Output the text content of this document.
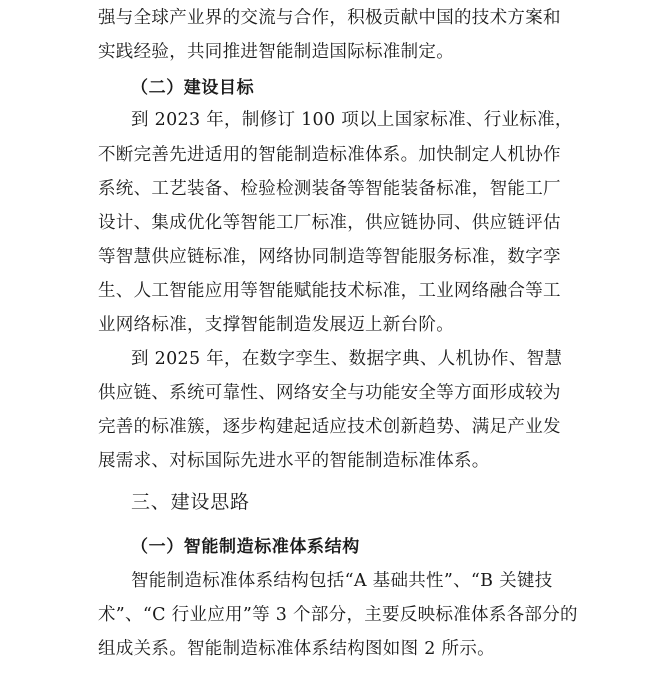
强与全球产业界的交流与合作，积极贡献中国的技术方案和
实践经验，共同推进智能制造国际标准制定。
（二）建设目标
到 2023 年，制修订 100 项以上国家标准、行业标准，
不断完善先进适用的智能制造标准体系。加快制定人机协作
系统、工艺装备、检验检测装备等智能装备标准，智能工厂
设计、集成优化等智能工厂标准，供应链协同、供应链评估
等智慧供应链标准，网络协同制造等智能服务标准，数字孪
生、人工智能应用等智能赋能技术标准，工业网络融合等工
业网络标准，支撑智能制造发展迈上新台阶。
到 2025 年，在数字孪生、数据字典、人机协作、智慧
供应链、系统可靠性、网络安全与功能安全等方面形成较为
完善的标准簇，逐步构建起适应技术创新趋势、满足产业发
展需求、对标国际先进水平的智能制造标准体系。
三、建设思路
（一）智能制造标准体系结构
智能制造标准体系结构包括“A 基础共性”、“B 关键技
术”、“C 行业应用”等 3 个部分，主要反映标准体系各部分的
组成关系。智能制造标准体系结构图如图 2 所示。
